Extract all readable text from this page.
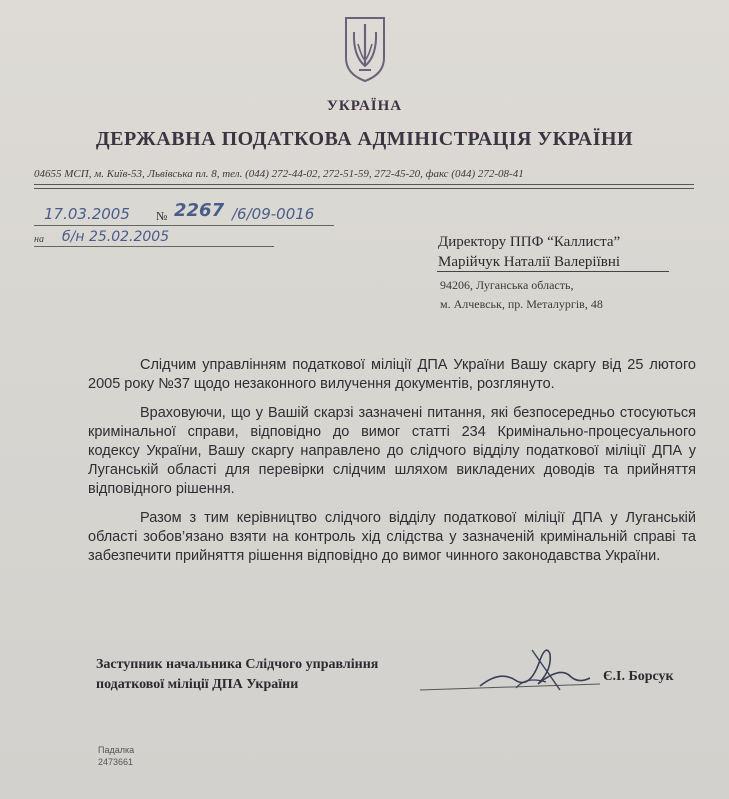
УКРАЇНА
ДЕРЖАВНА ПОДАТКОВА АДМІНІСТРАЦІЯ УКРАЇНИ
04655 МСП, м. Київ-53, Львівська пл. 8, тел. (044) 272-44-02, 272-51-59, 272-45-20, факс (044) 272-08-41
17.03.2005 № 2267 /6/09-0016
на б/н 25.02.2005	Директору ППФ “Каллиста”
Марійчук Наталії Валеріївні
94206, Луганська область,
м. Алчевськ, пр. Металургів, 48

Слідчим управлінням податкової міліції ДПА України Вашу скаргу від 25 лютого 2005 року №37 щодо незаконного вилучення документів, розглянуто.

Враховуючи, що у Вашій скарзі зазначені питання, які безпосередньо стосуються кримінальної справи, відповідно до вимог статті 234 Кримінально-процесуального кодексу України, Вашу скаргу направлено до слідчого відділу податкової міліції ДПА у Луганській області для перевірки слідчим шляхом викладених доводів та прийняття відповідного рішення.

Разом з тим керівництво слідчого відділу податкової міліції ДПА у Луганській області зобов’язано взяти на контроль хід слідства у зазначеній кримінальній справі та забезпечити прийняття рішення відповідно до вимог чинного законодавства України.

Заступник начальника Слідчого управління
податкової міліції ДПА України
Є.І. Борсук
Падалка
2473661
